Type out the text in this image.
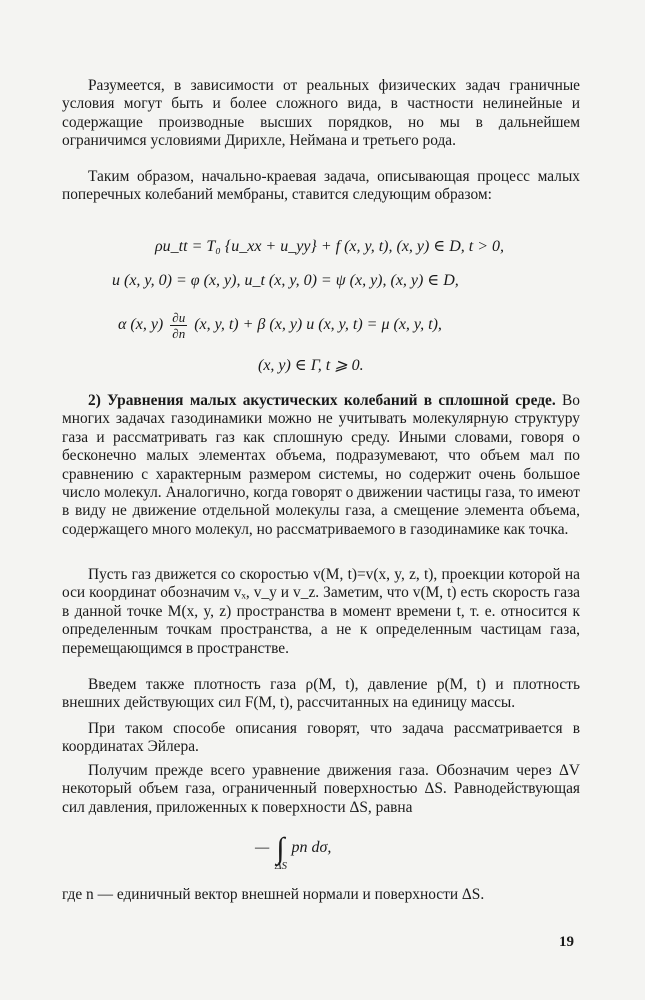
Разумеется, в зависимости от реальных физических задач граничные условия могут быть и более сложного вида, в частности нелинейные и содержащие производные высших порядков, но мы в дальнейшем ограничимся условиями Дирихле, Неймана и третьего рода.

Таким образом, начально-краевая задача, описывающая процесс малых поперечных колебаний мембраны, ставится следующим образом:

ρu_tt = T₀ {u_xx + u_yy} + f (x, y, t), (x, y) ∈ D, t > 0,
u (x, y, 0) = φ (x, y), u_t (x, y, 0) = ψ (x, y), (x, y) ∈ D,
α (x, $y) \frac{\partial u}{\partial n} (x$, y, t) + β (x, y) u (x, y, t) = μ (x, y, t),
(x, y) ∈ Γ, t ⩾ 0.

2) Уравнения малых акустических колебаний в сплошной среде. Во многих задачах газодинамики можно не учитывать молекулярную структуру газа и рассматривать газ как сплошную среду. Иными словами, говоря о бесконечно малых элементах объема, подразумевают, что объем мал по сравнению с характерным размером системы, но содержит очень большое число молекул. Аналогично, когда говорят о движении частицы газа, то имеют в виду не движение отдельной молекулы газа, а смещение элемента объема, содержащего много молекул, но рассматриваемого в газодинамике как точка.

Пусть газ движется со скоростью v(M, t)=v(x, y, z, t), проекции которой на оси координат обозначим vₓ, v_y и v_z. Заметим, что v(M, t) есть скорость газа в данной точке M(x, y, z) пространства в момент времени t, т. е. относится к определенным точкам пространства, а не к определенным частицам газа, перемещающимся в пространстве.

Введем также плотность газа ρ(M, t), давление p(M, t) и плотность внешних действующих сил F(M, t), рассчитанных на единицу массы.

При таком способе описания говорят, что задача рассматривается в координатах Эйлера.

Получим прежде всего уравнение движения газа. Обозначим через ΔV некоторый объем газа, ограниченный поверхностью ΔS. Равнодействующая сил давления, приложенных к поверхности ΔS, равна

— ∫ pn dσ,
ΔS

где n — единичный вектор внешней нормали и поверхности ΔS.

19
